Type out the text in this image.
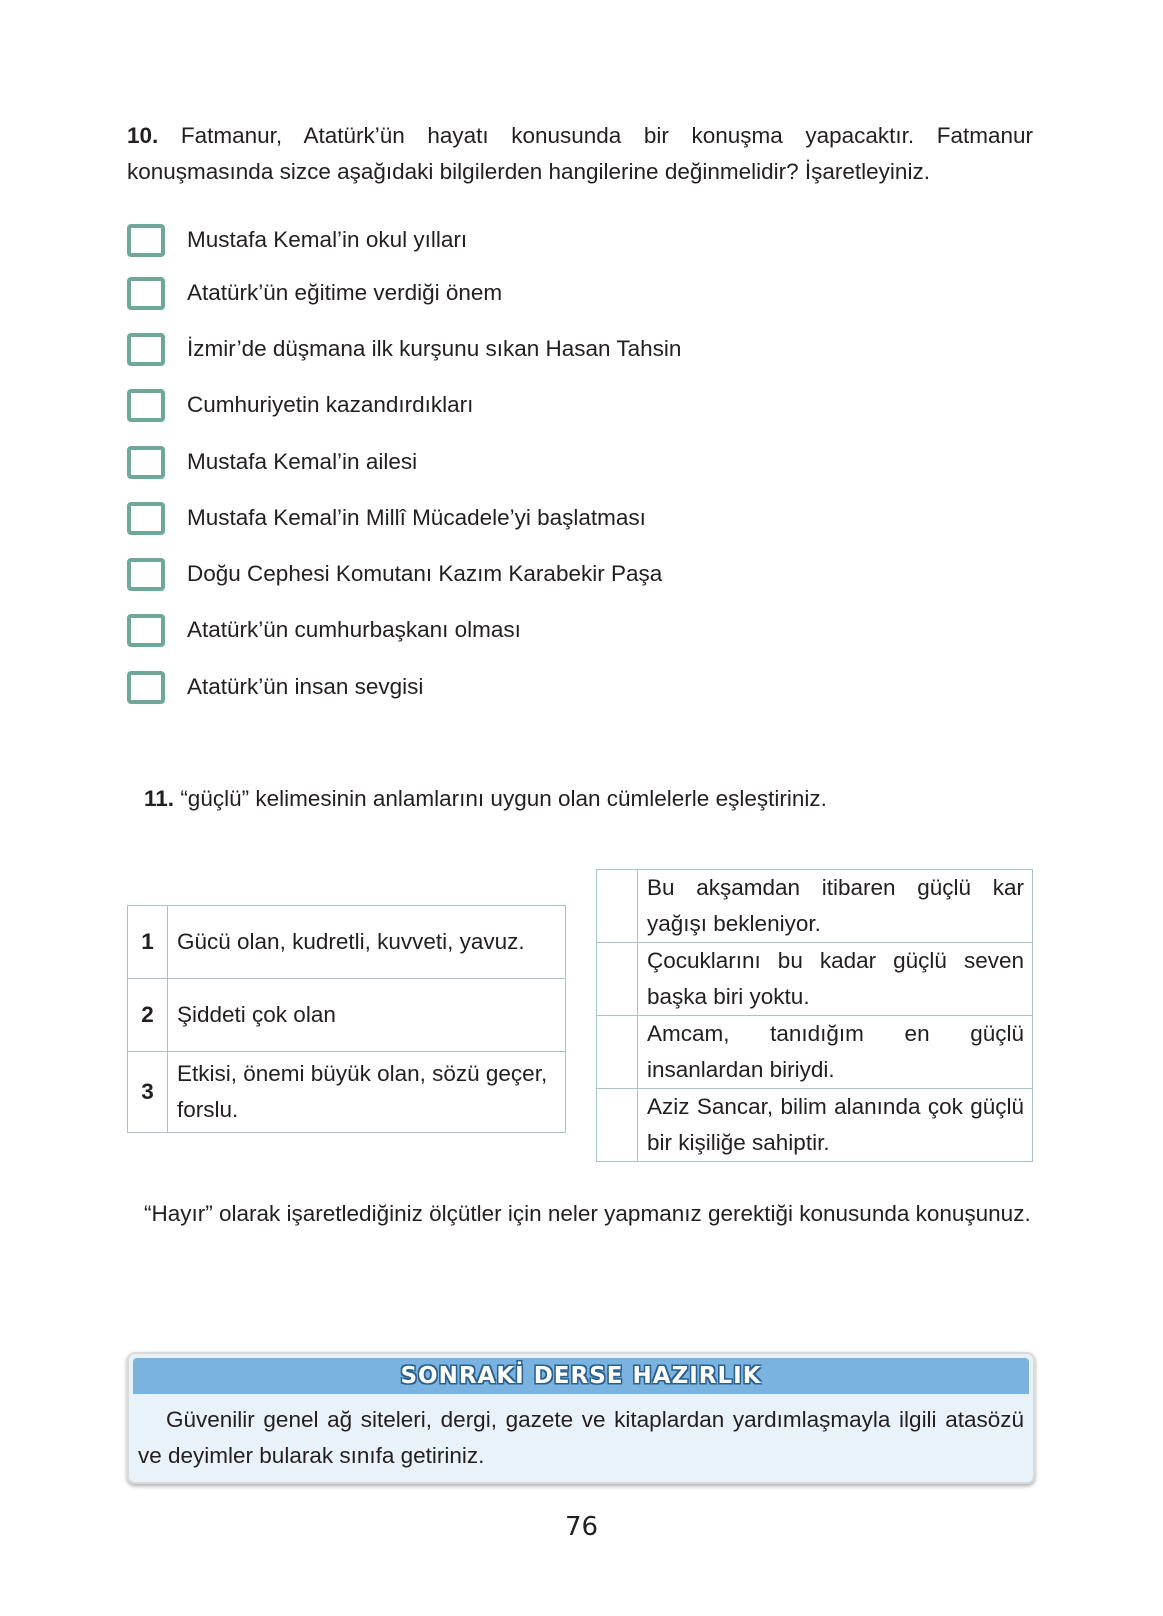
10. Fatmanur, Atatürk’ün hayatı konusunda bir konuşma yapacaktır. Fatmanur konuşmasında sizce aşağıdaki bilgilerden hangilerine değinmelidir? İşaretleyiniz.
Mustafa Kemal’in okul yılları
Atatürk’ün eğitime verdiği önem
İzmir’de düşmana ilk kurşunu sıkan Hasan Tahsin
Cumhuriyetin kazandırdıkları
Mustafa Kemal’in ailesi
Mustafa Kemal’in Millî Mücadele’yi başlatması
Doğu Cephesi Komutanı Kazım Karabekir Paşa
Atatürk’ün cumhurbaşkanı olması
Atatürk’ün insan sevgisi
11. “güçlü” kelimesinin anlamlarını uygun olan cümlelerle eşleştiriniz.
1	Gücü olan, kudretli, kuvveti, yavuz.
2	Şiddeti çok olan
3	Etkisi, önemi büyük olan, sözü geçer, forslu.
	Bu akşamdan itibaren güçlü kar yağışı bekleniyor.
	Çocuklarını bu kadar güçlü seven başka biri yoktu.
	Amcam, tanıdığım en güçlü insanlardan biriydi.
	Aziz Sancar, bilim alanında çok güçlü bir kişiliğe sahiptir.
“Hayır” olarak işaretlediğiniz ölçütler için neler yapmanız gerektiği konusunda konuşunuz.
SONRAKİ DERSE HAZIRLIK
Güvenilir genel ağ siteleri, dergi, gazete ve kitaplardan yardımlaşmayla ilgili atasözü ve deyimler bularak sınıfa getiriniz.
76
